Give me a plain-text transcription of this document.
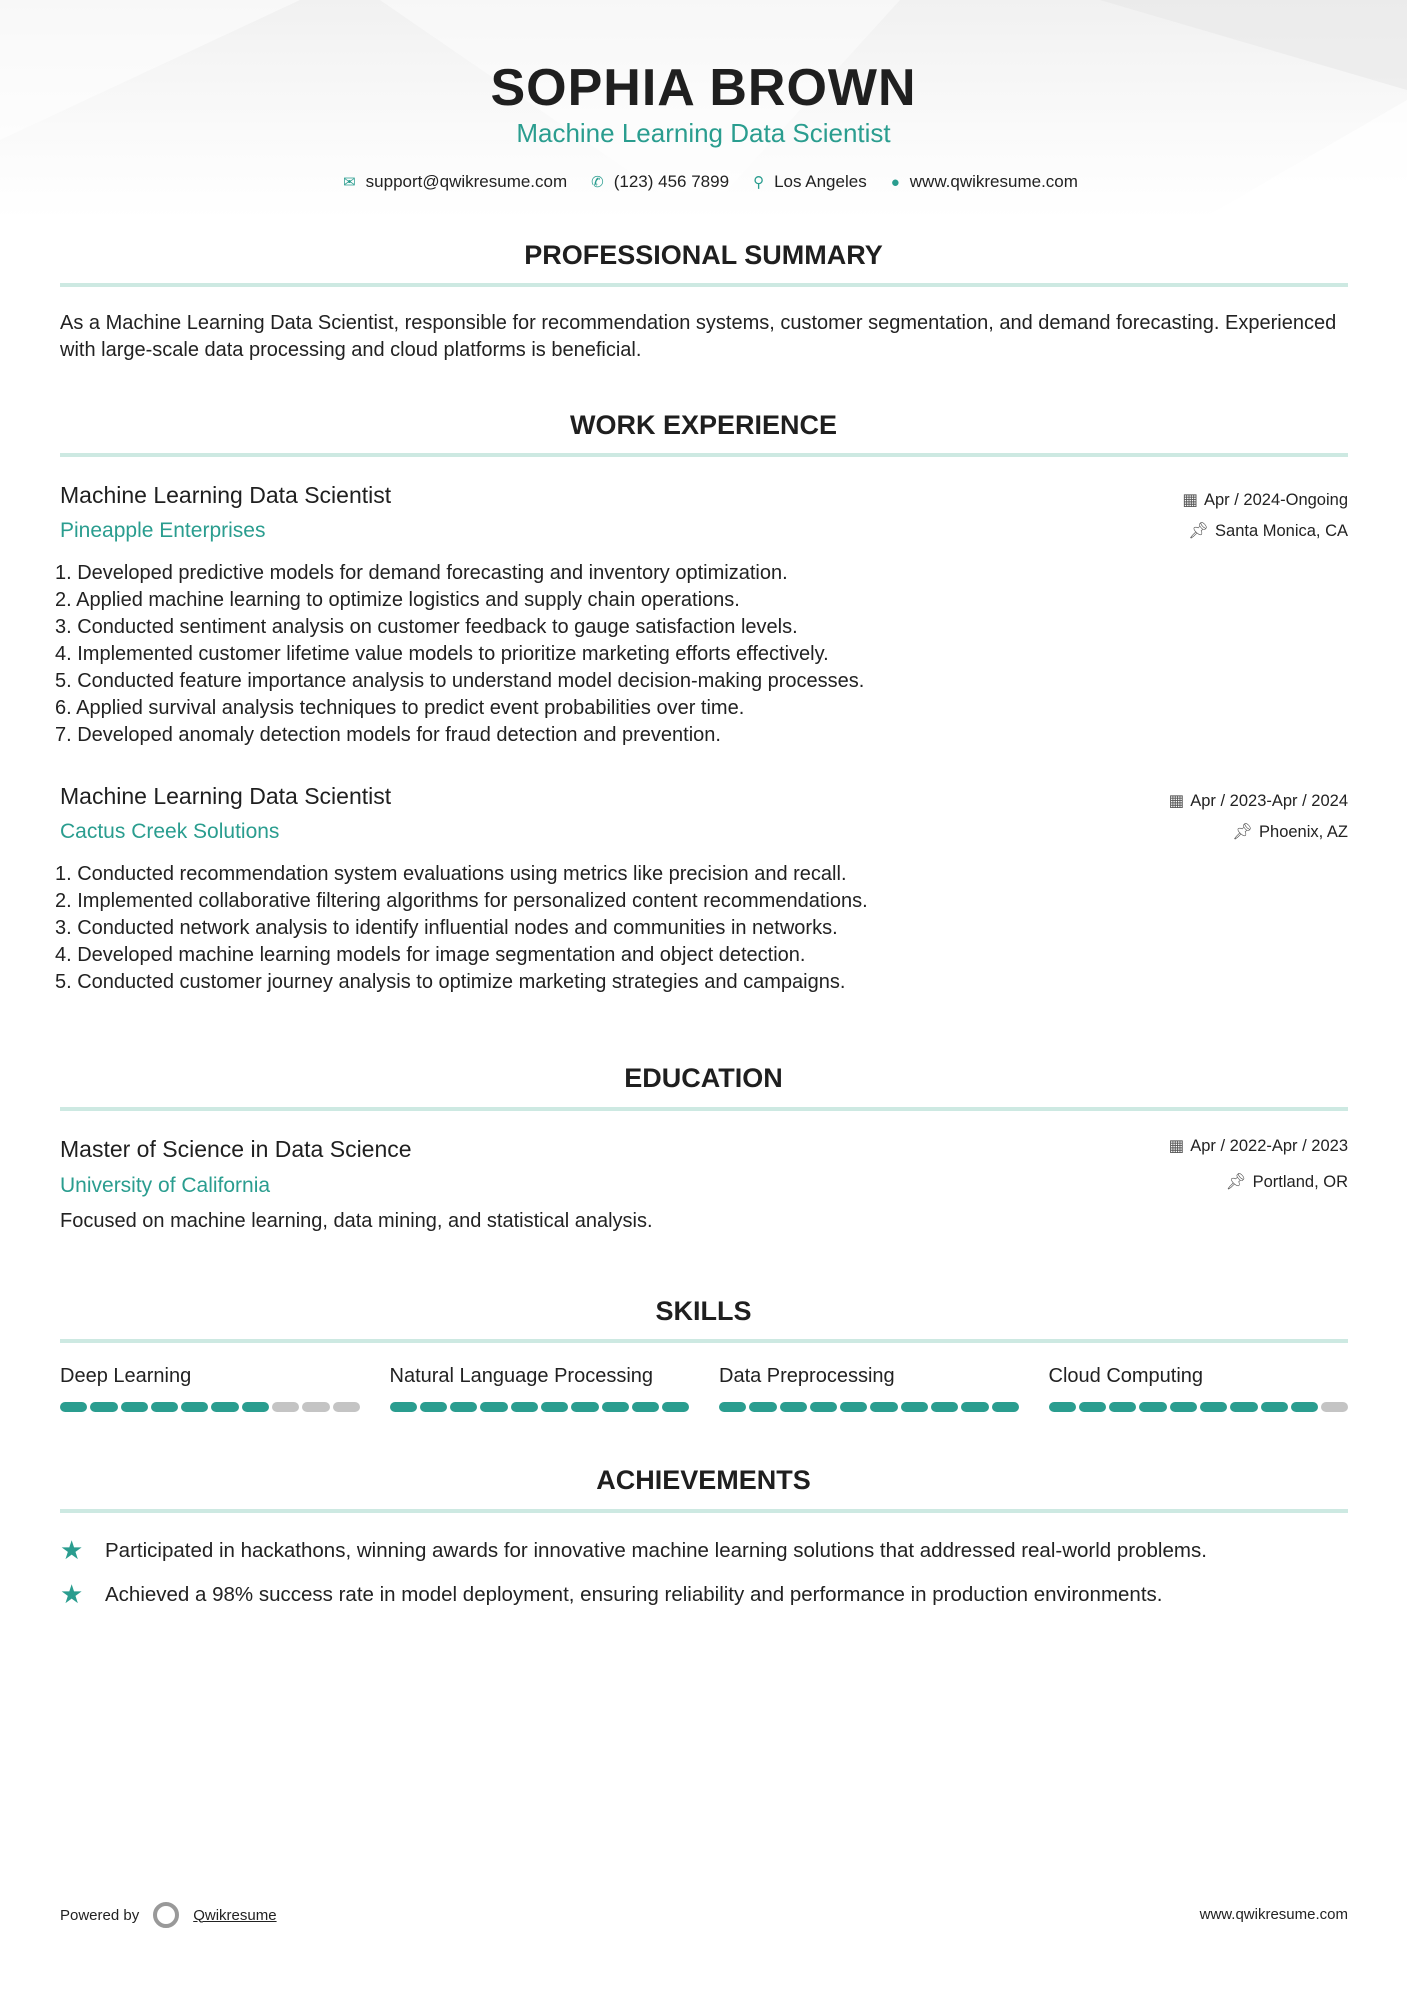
SOPHIA BROWN
Machine Learning Data Scientist
✉ support@qwikresume.com ✆ (123) 456 7899 ⚲ Los Angeles ● www.qwikresume.com
PROFESSIONAL SUMMARY
As a Machine Learning Data Scientist, responsible for recommendation systems, customer segmentation, and demand forecasting. Experienced with large-scale data processing and cloud platforms is beneficial.
WORK EXPERIENCE
Machine Learning Data Scientist
Pineapple Enterprises
▦ Apr / 2024-Ongoing
📌︎ Santa Monica, CA
1. Developed predictive models for demand forecasting and inventory optimization.
2. Applied machine learning to optimize logistics and supply chain operations.
3. Conducted sentiment analysis on customer feedback to gauge satisfaction levels.
4. Implemented customer lifetime value models to prioritize marketing efforts effectively.
5. Conducted feature importance analysis to understand model decision-making processes.
6. Applied survival analysis techniques to predict event probabilities over time.
7. Developed anomaly detection models for fraud detection and prevention.
Machine Learning Data Scientist
Cactus Creek Solutions
▦ Apr / 2023-Apr / 2024
📌︎ Phoenix, AZ
1. Conducted recommendation system evaluations using metrics like precision and recall.
2. Implemented collaborative filtering algorithms for personalized content recommendations.
3. Conducted network analysis to identify influential nodes and communities in networks.
4. Developed machine learning models for image segmentation and object detection.
5. Conducted customer journey analysis to optimize marketing strategies and campaigns.
EDUCATION
Master of Science in Data Science
University of California
▦ Apr / 2022-Apr / 2023
📌︎ Portland, OR
Focused on machine learning, data mining, and statistical analysis.
SKILLS
Deep Learning	Natural Language Processing	Data Preprocessing	Cloud Computing
ACHIEVEMENTS
★	Participated in hackathons, winning awards for innovative machine learning solutions that addressed real-world problems.
★	Achieved a 98% success rate in model deployment, ensuring reliability and performance in production environments.
Powered by	Qwikresume	www.qwikresume.com
